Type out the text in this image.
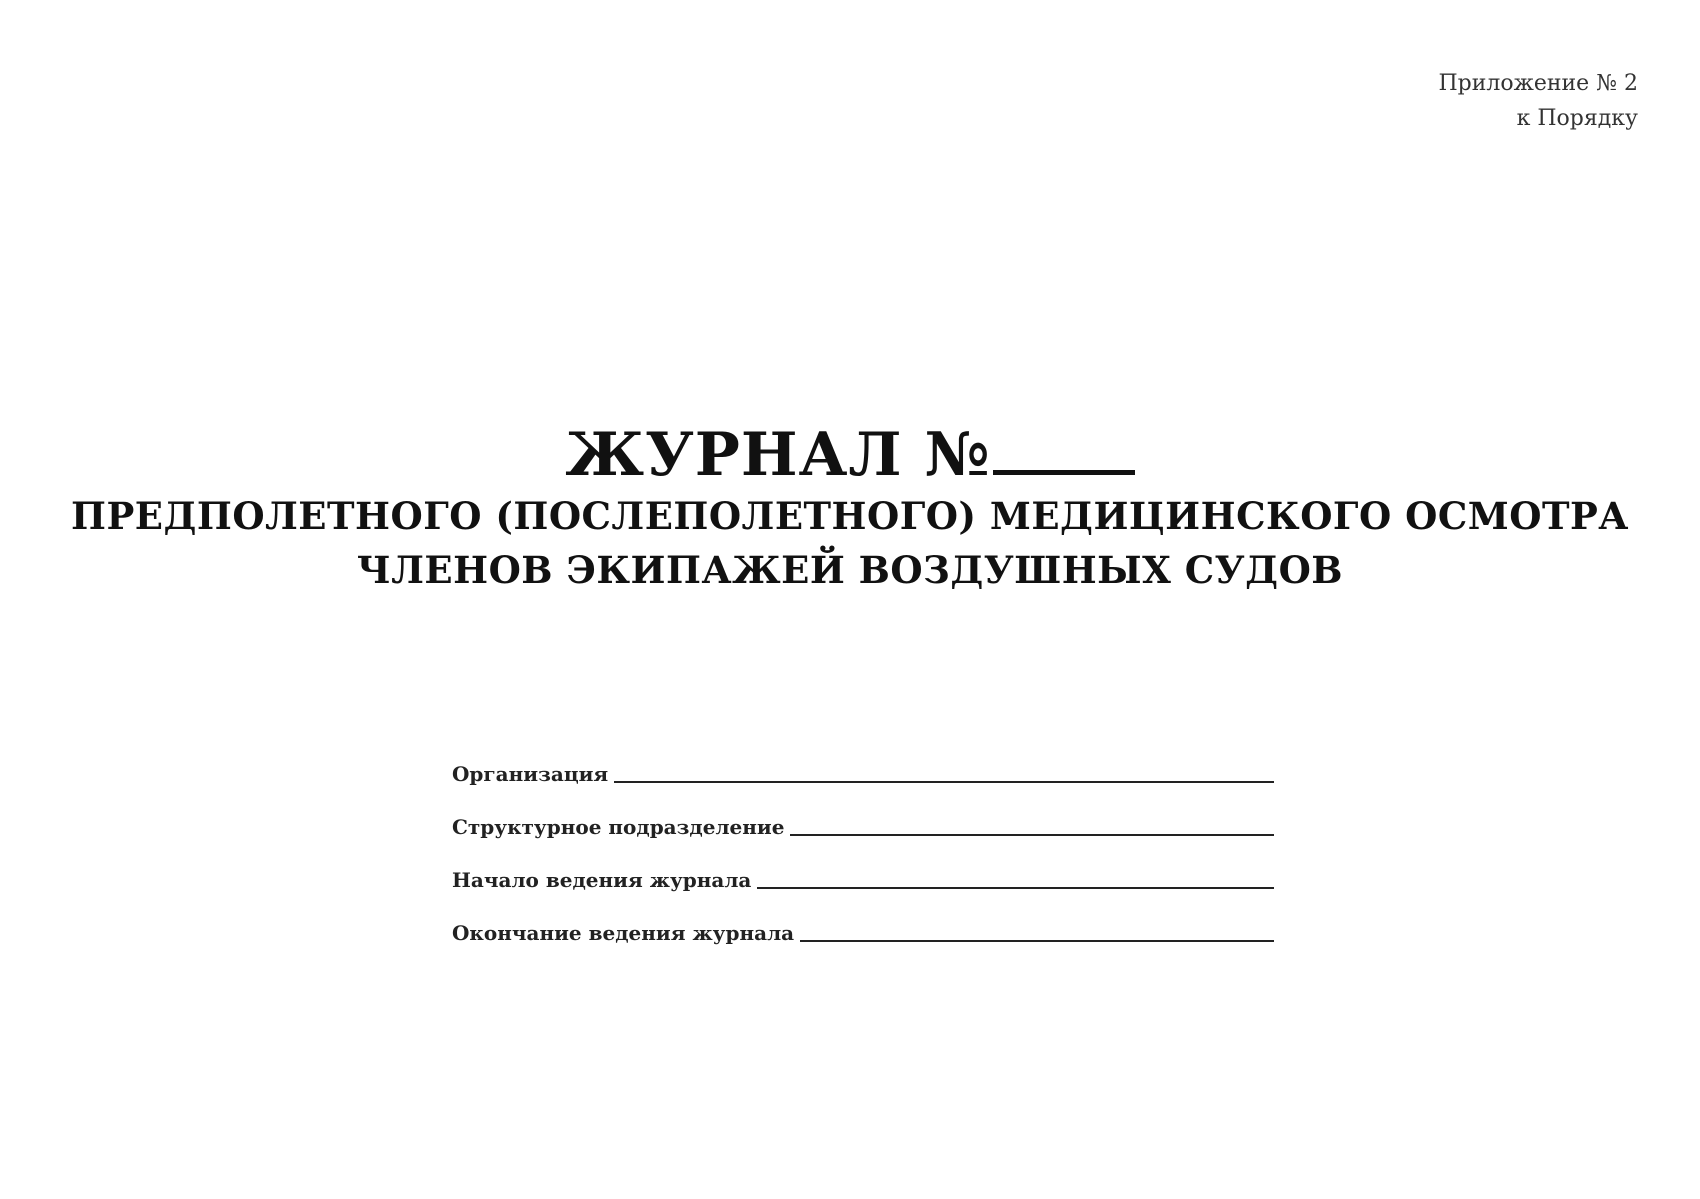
Приложение № 2
к Порядку
ЖУРНАЛ №
ПРЕДПОЛЕТНОГО (ПОСЛЕПОЛЕТНОГО) МЕДИЦИНСКОГО ОСМОТРА
ЧЛЕНОВ ЭКИПАЖЕЙ ВОЗДУШНЫХ СУДОВ
Организация
Структурное подразделение
Начало ведения журнала
Окончание ведения журнала
